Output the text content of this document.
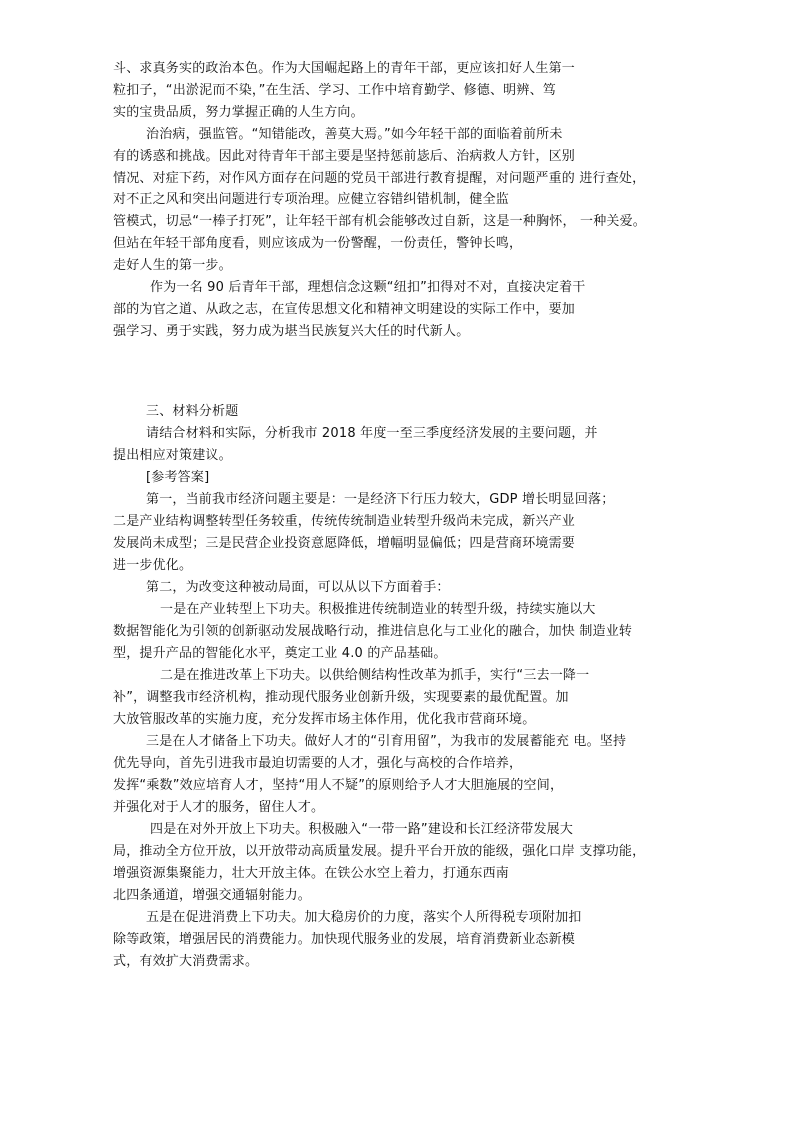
斗、求真务实的政治本色。作为大国崛起路上的青年干部，更应该扣好人生第一
粒扣子，“出淤泥而不染，”在生活、学习、工作中培育勤学、修德、明辨、笃
实的宝贵品质，努力掌握正确的人生方向。
治治病，强监管。“知错能改，善莫大焉。”如今年轻干部的面临着前所未
有的诱惑和挑战。因此对待青年干部主要是坚持惩前毖后、治病救人方针，区别
情况、对症下药，对作风方面存在问题的党员干部进行教育提醒，对问题严重的 进行查处，
对不正之风和突出问题进行专项治理。应健立容错纠错机制，健全监
管模式，切忌“一棒子打死”，让年轻干部有机会能够改过自新，这是一种胸怀， 一种关爱。
但站在年轻干部角度看，则应该成为一份警醒，一份责任，警钟长鸣，
走好人生的第一步。
作为一名 90 后青年干部，理想信念这颗“纽扣”扣得对不对，直接决定着干
部的为官之道、从政之志，在宣传思想文化和精神文明建设的实际工作中，要加
强学习、勇于实践，努力成为堪当民族复兴大任的时代新人。
三、材料分析题
请结合材料和实际，分析我市 2018 年度一至三季度经济发展的主要问题，并
提出相应对策建议。
[参考答案]
第一，当前我市经济问题主要是：一是经济下行压力较大，GDP 增长明显回落；
二是产业结构调整转型任务较重，传统传统制造业转型升级尚未完成，新兴产业
发展尚未成型；三是民营企业投资意愿降低，增幅明显偏低；四是营商环境需要
进一步优化。
第二，为改变这种被动局面，可以从以下方面着手：
一是在产业转型上下功夫。积极推进传统制造业的转型升级，持续实施以大
数据智能化为引领的创新驱动发展战略行动，推进信息化与工业化的融合，加快 制造业转
型，提升产品的智能化水平，奠定工业 4.0 的产品基础。
二是在推进改革上下功夫。以供给侧结构性改革为抓手，实行“三去一降一
补”，调整我市经济机构，推动现代服务业创新升级，实现要素的最优配置。加
大放管服改革的实施力度，充分发挥市场主体作用，优化我市营商环境。
三是在人才储备上下功夫。做好人才的“引育用留”，为我市的发展蓄能充 电。坚持
优先导向，首先引进我市最迫切需要的人才，强化与高校的合作培养，
发挥“乘数”效应培育人才，坚持“用人不疑”的原则给予人才大胆施展的空间，
并强化对于人才的服务，留住人才。
四是在对外开放上下功夫。积极融入“一带一路”建设和长江经济带发展大
局，推动全方位开放，以开放带动高质量发展。提升平台开放的能级，强化口岸 支撑功能，
增强资源集聚能力，壮大开放主体。在铁公水空上着力，打通东西南
北四条通道，增强交通辐射能力。
五是在促进消费上下功夫。加大稳房价的力度，落实个人所得税专项附加扣
除等政策，增强居民的消费能力。加快现代服务业的发展，培育消费新业态新模
式，有效扩大消费需求。
